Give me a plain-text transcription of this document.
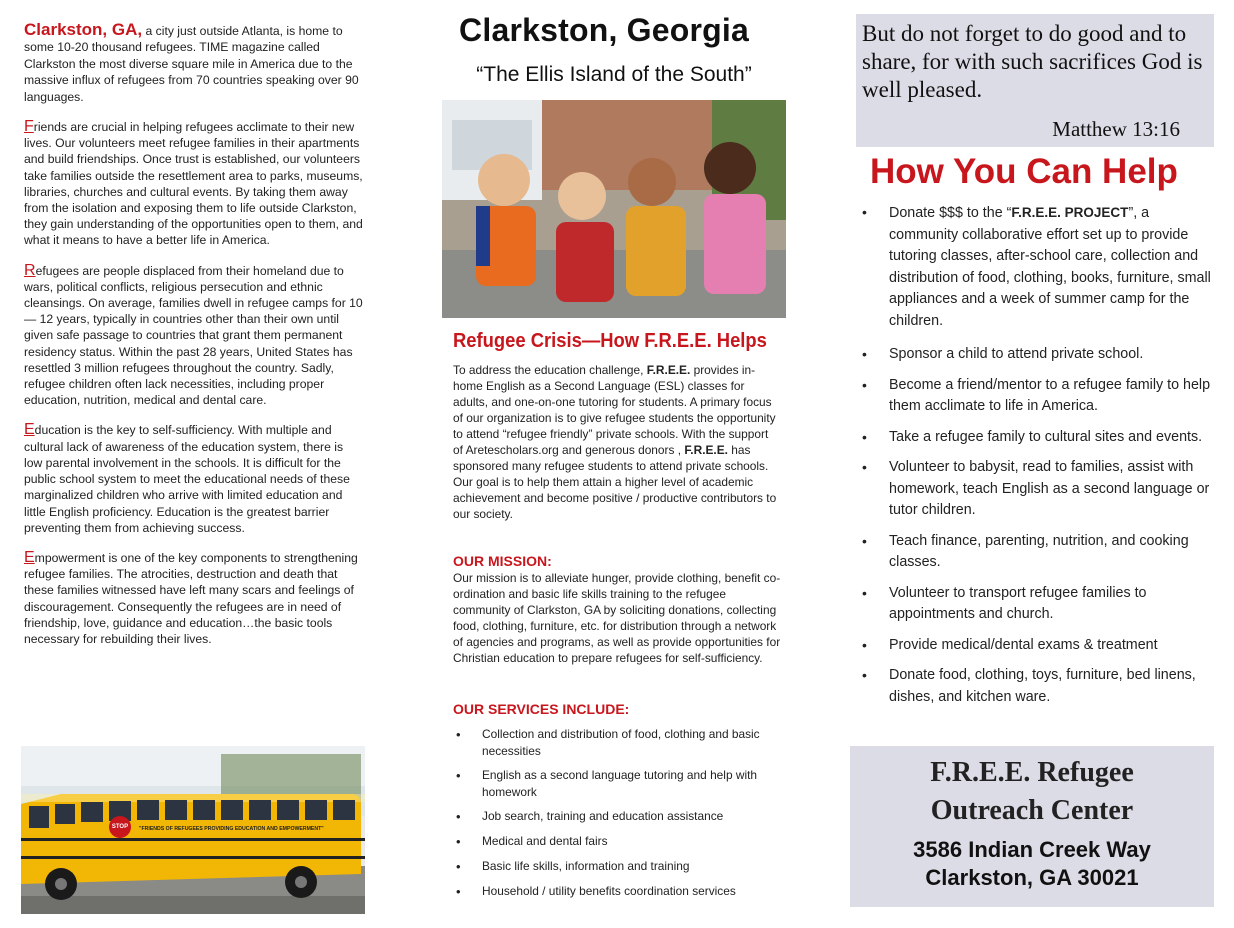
Clarkston, GA, a city just outside Atlanta, is home to some 10-20 thousand refugees. TIME magazine called Clarkston the most diverse square mile in America due to the massive influx of refugees from 70 countries speaking over 90 languages.

Friends are crucial in helping refugees acclimate to their new lives. Our volunteers meet refugee families in their apartments and build friendships. Once trust is established, our volunteers take families outside the resettlement area to parks, museums, libraries, churches and cultural events. By taking them away from the isolation and exposing them to life outside Clarkston, they gain understanding of the opportunities open to them, and what it means to have a better life in America.

Refugees are people displaced from their homeland due to wars, political conflicts, religious persecution and ethnic cleansings. On average, families dwell in refugee camps for 10 — 12 years, typically in countries other than their own until given safe passage to countries that grant them permanent residency status. Within the past 28 years, United States has resettled 3 million refugees throughout the country. Sadly, refugee children often lack necessities, including proper education, nutrition, medical and dental care.

Education is the key to self-sufficiency. With multiple and cultural lack of awareness of the education system, there is low parental involvement in the schools. It is difficult for the public school system to meet the educational needs of these marginalized children who arrive with limited education and little English proficiency. Education is the greatest barrier preventing them from achieving success.

Empowerment is one of the key components to strengthening refugee families. The atrocities, destruction and death that these families witnessed have left many scars and feelings of discouragement. Consequently the refugees are in need of friendship, love, guidance and education…the basic tools necessary for rebuilding their lives.

STOP	"FRIENDS OF REFUGEES PROVIDING EDUCATION AND EMPOWERMENT"
Clarkston, Georgia
“The Ellis Island of the South”
Refugee Crisis—How F.R.E.E. Helps

To address the education challenge, F.R.E.E. provides in-home English as a Second Language (ESL) classes for adults, and one-on-one tutoring for students. A primary focus of our organization is to give refugee students the opportunity to attend “refugee friendly” private schools. With the support of Aretescholars.org and generous donors , F.R.E.E. has sponsored many refugee students to attend private schools. Our goal is to help them attain a higher level of academic achievement and become positive / productive contributors to our society.

OUR MISSION:

Our mission is to alleviate hunger, provide clothing, benefit co-ordination and basic life skills training to the refugee community of Clarkston, GA by soliciting donations, collecting food, clothing, furniture, etc. for distribution through a network of agencies and programs, as well as provide opportunities for Christian education to prepare refugees for self-sufficiency.

OUR SERVICES INCLUDE:
• Collection and distribution of food, clothing and basic necessities
• English as a second language tutoring and help with homework
• Job search, training and education assistance
• Medical and dental fairs
• Basic life skills, information and training
• Household / utility benefits coordination services

But do not forget to do good and to share, for with such sacrifices God is well pleased.

Matthew 13:16
How You Can Help
• Donate $$$ to the “F.R.E.E. PROJECT”, a community collaborative effort set up to provide tutoring classes, after-school care, collection and distribution of food, clothing, books, furniture, small appliances and a week of summer camp for the children.
• Sponsor a child to attend private school.
• Become a friend/mentor to a refugee family to help them acclimate to life in America.
• Take a refugee family to cultural sites and events.
• Volunteer to babysit, read to families, assist with homework, teach English as a second language or tutor children.
• Teach finance, parenting, nutrition, and cooking classes.
• Volunteer to transport refugee families to appointments and church.
• Provide medical/dental exams & treatment
• Donate food, clothing, toys, furniture, bed linens, dishes, and kitchen ware.
F.R.E.E. Refugee
Outreach Center
3586 Indian Creek Way
Clarkston, GA 30021
